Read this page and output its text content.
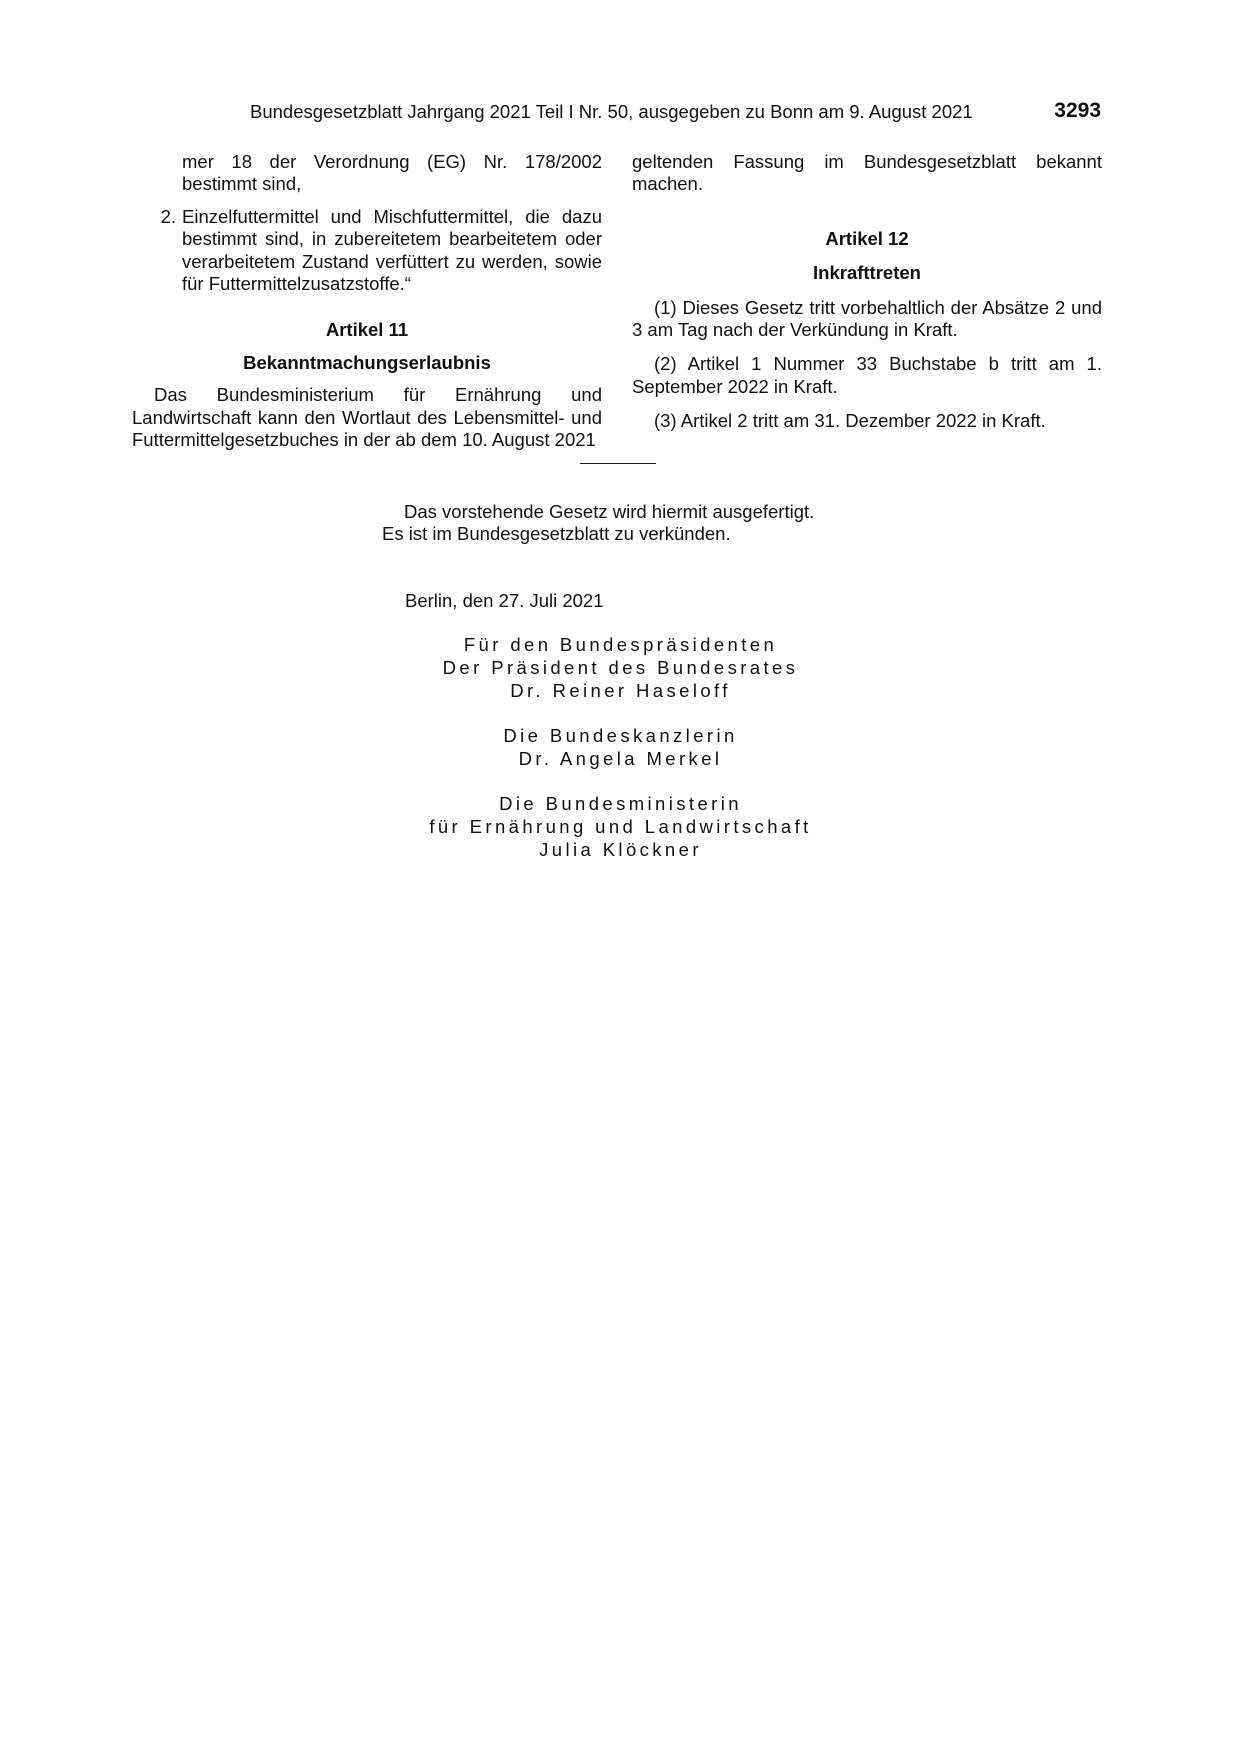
Bundesgesetzblatt Jahrgang 2021 Teil I Nr. 50, ausgegeben zu Bonn am 9. August 2021	3293

mer 18 der Verordnung (EG) Nr. 178/2002 bestimmt sind,

2. Einzelfuttermittel und Mischfuttermittel, die dazu bestimmt sind, in zubereitetem bearbeitetem oder verarbeitetem Zustand verfüttert zu werden, sowie für Futtermittelzusatzstoffe.“

Artikel 11

Bekanntmachungserlaubnis

Das Bundesministerium für Ernährung und Landwirtschaft kann den Wortlaut des Lebensmittel- und Futtermittelgesetzbuches in der ab dem 10. August 2021

geltenden Fassung im Bundesgesetzblatt bekannt machen.

Artikel 12

Inkrafttreten

(1) Dieses Gesetz tritt vorbehaltlich der Absätze 2 und 3 am Tag nach der Verkündung in Kraft.

(2) Artikel 1 Nummer 33 Buchstabe b tritt am 1. September 2022 in Kraft.

(3) Artikel 2 tritt am 31. Dezember 2022 in Kraft.

Das vorstehende Gesetz wird hiermit ausgefertigt.

Es ist im Bundesgesetzblatt zu verkünden.

Berlin, den 27. Juli 2021
Für den Bundespräsidenten
Der Präsident des Bundesrates
Dr. Reiner Haseloff
Die Bundeskanzlerin
Dr. Angela Merkel
Die Bundesministerin
für Ernährung und Landwirtschaft
Julia Klöckner
